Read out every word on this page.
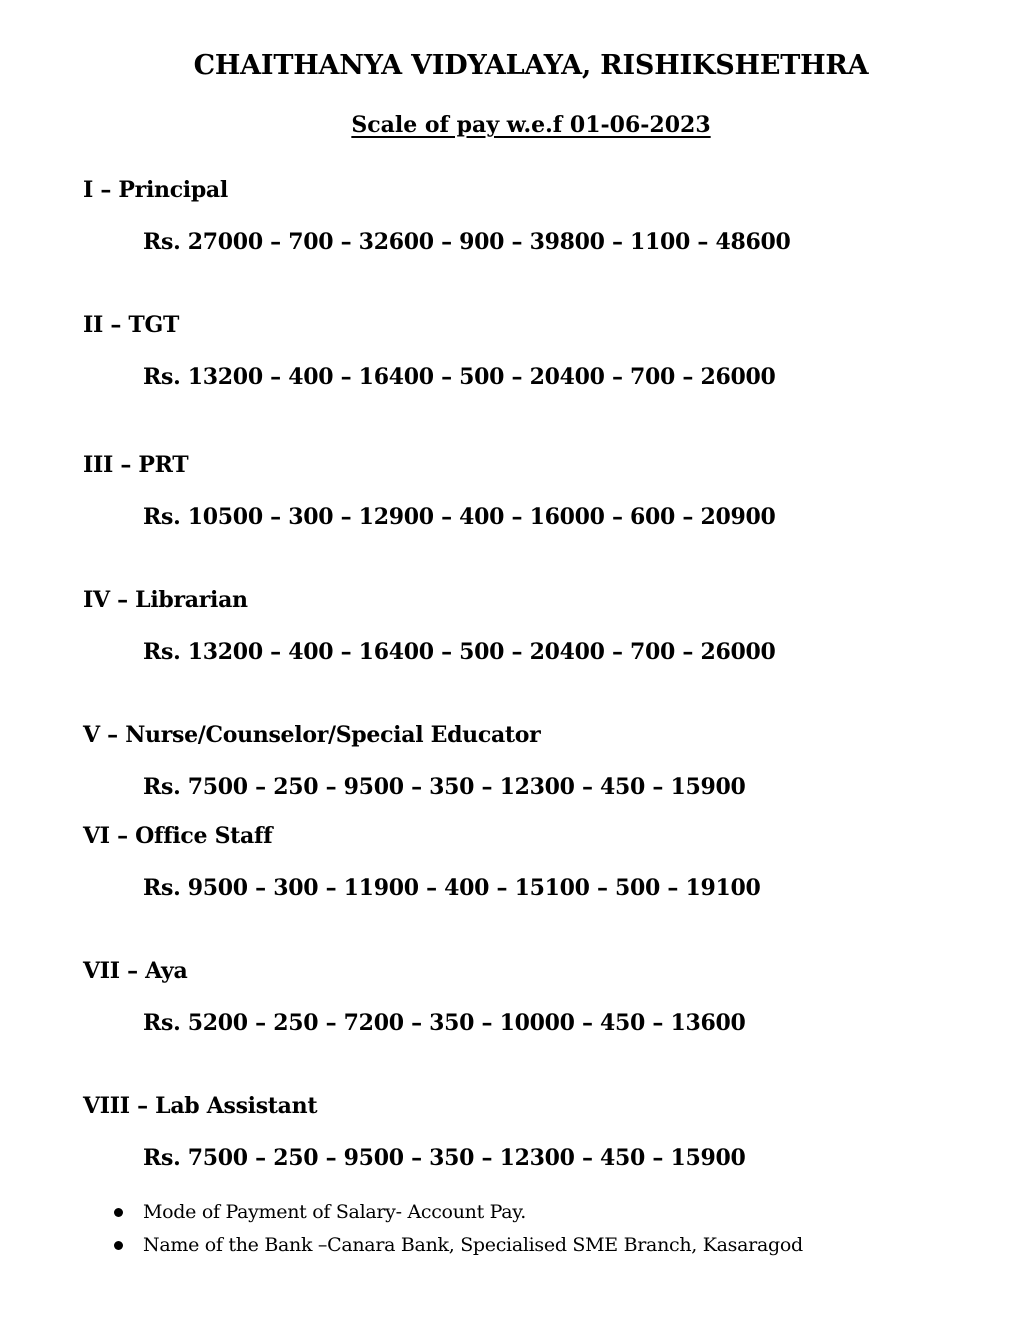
CHAITHANYA VIDYALAYA, RISHIKSHETHRA
Scale of pay w.e.f 01-06-2023
I – Principal
Rs. 27000 – 700 – 32600 – 900 – 39800 – 1100 – 48600
II – TGT
Rs. 13200 – 400 – 16400 – 500 – 20400 – 700 – 26000
III – PRT
Rs. 10500 – 300 – 12900 – 400 – 16000 – 600 – 20900
IV – Librarian
Rs. 13200 – 400 – 16400 – 500 – 20400 – 700 – 26000
V – Nurse/Counselor/Special Educator
Rs. 7500 – 250 – 9500 – 350 – 12300 – 450 – 15900
VI – Office Staff
Rs. 9500 – 300 – 11900 – 400 – 15100 – 500 – 19100
VII – Aya
Rs. 5200 – 250 – 7200 – 350 – 10000 – 450 – 13600
VIII – Lab Assistant
Rs. 7500 – 250 – 9500 – 350 – 12300 – 450 – 15900
Mode of Payment of Salary- Account Pay.
Name of the Bank –Canara Bank, Specialised SME Branch, Kasaragod
